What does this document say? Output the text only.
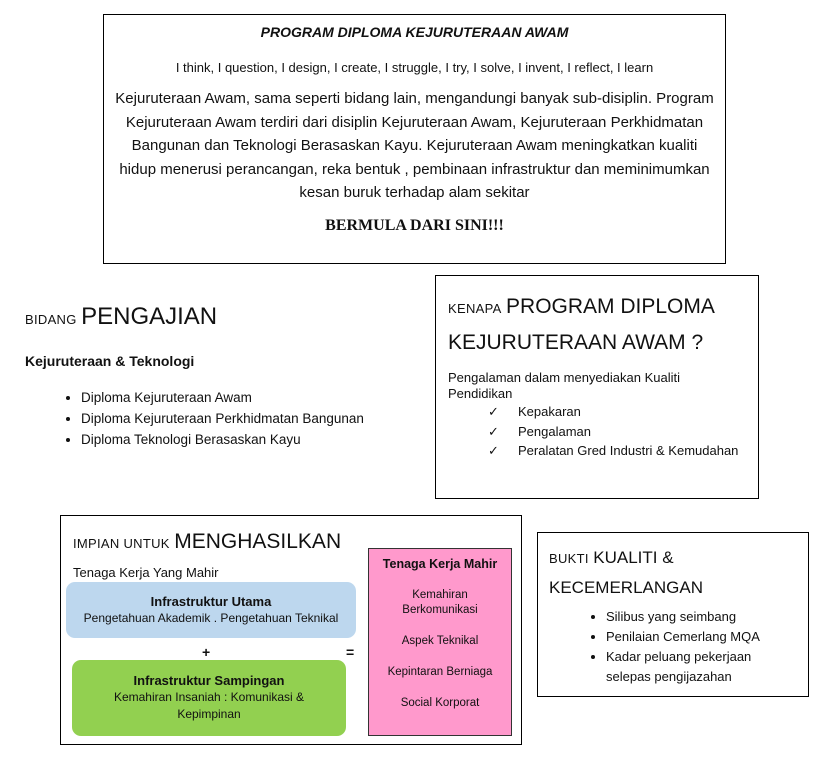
PROGRAM DIPLOMA KEJURUTERAAN AWAM
I think, I question, I design, I create, I struggle, I try, I solve, I invent, I reflect, I learn
Kejuruteraan Awam, sama seperti bidang lain, mengandungi banyak sub-disiplin. Program Kejuruteraan Awam terdiri dari disiplin Kejuruteraan Awam, Kejuruteraan Perkhidmatan Bangunan dan Teknologi Berasaskan Kayu. Kejuruteraan Awam meningkatkan kualiti hidup menerusi perancangan, reka bentuk , pembinaan infrastruktur dan meminimumkan kesan buruk terhadap alam sekitar
BERMULA DARI SINI!!!
BIDANG PENGAJIAN
Kejuruteraan & Teknologi
• Diploma Kejuruteraan Awam
• Diploma Kejuruteraan Perkhidmatan Bangunan
• Diploma Teknologi Berasaskan Kayu
KENAPA PROGRAM DIPLOMA
KEJURUTERAAN AWAM ?
Pengalaman dalam menyediakan Kualiti Pendidikan
✓ Kepakaran
✓ Pengalaman
✓ Peralatan Gred Industri & Kemudahan
IMPIAN UNTUK MENGHASILKAN
Tenaga Kerja Yang Mahir
Infrastruktur Utama
Pengetahuan Akademik . Pengetahuan Teknikal
+	=
Infrastruktur Sampingan
Kemahiran Insaniah : Komunikasi & Kepimpinan
Tenaga Kerja Mahir
Kemahiran Berkomunikasi
Aspek Teknikal
Kepintaran Berniaga
Social Korporat
BUKTI KUALITI &
KECEMERLANGAN
• Silibus yang seimbang
• Penilaian Cemerlang MQA
• Kadar peluang pekerjaan selepas pengijazahan
